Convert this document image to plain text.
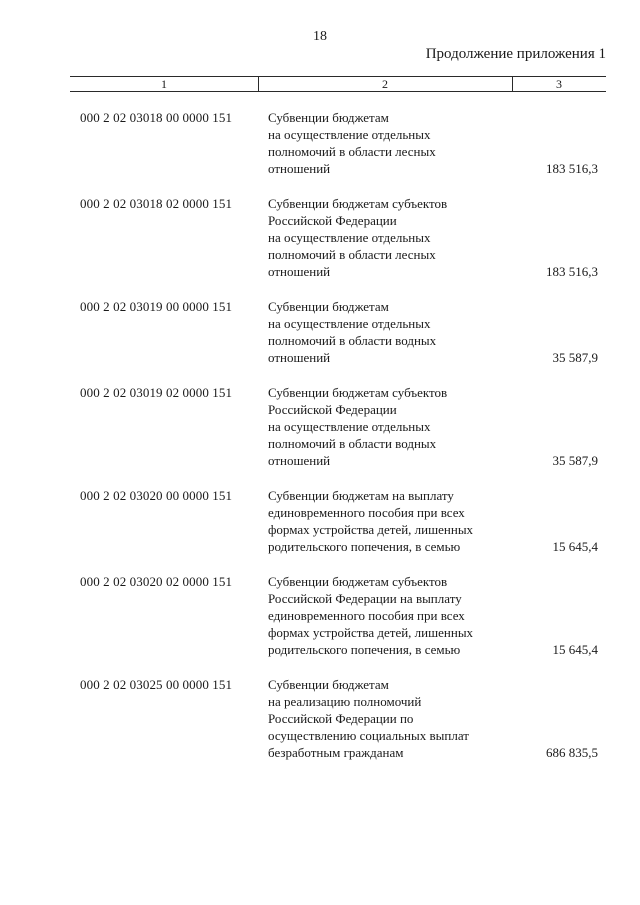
18
Продолжение приложения 1
1	2	3
000 2 02 03018 00 0000 151	Субвенции бюджетам
на осуществление отдельных
полномочий в области лесных
отношений	183 516,3
000 2 02 03018 02 0000 151	Субвенции бюджетам субъектов
Российской Федерации
на осуществление отдельных
полномочий в области лесных
отношений	183 516,3
000 2 02 03019 00 0000 151	Субвенции бюджетам
на осуществление отдельных
полномочий в области водных
отношений	35 587,9
000 2 02 03019 02 0000 151	Субвенции бюджетам субъектов
Российской Федерации
на осуществление отдельных
полномочий в области водных
отношений	35 587,9
000 2 02 03020 00 0000 151	Субвенции бюджетам на выплату
единовременного пособия при всех
формах устройства детей, лишенных
родительского попечения, в семью	15 645,4
000 2 02 03020 02 0000 151	Субвенции бюджетам субъектов
Российской Федерации на выплату
единовременного пособия при всех
формах устройства детей, лишенных
родительского попечения, в семью	15 645,4
000 2 02 03025 00 0000 151	Субвенции бюджетам
на реализацию полномочий
Российской Федерации по
осуществлению социальных выплат
безработным гражданам	686 835,5
